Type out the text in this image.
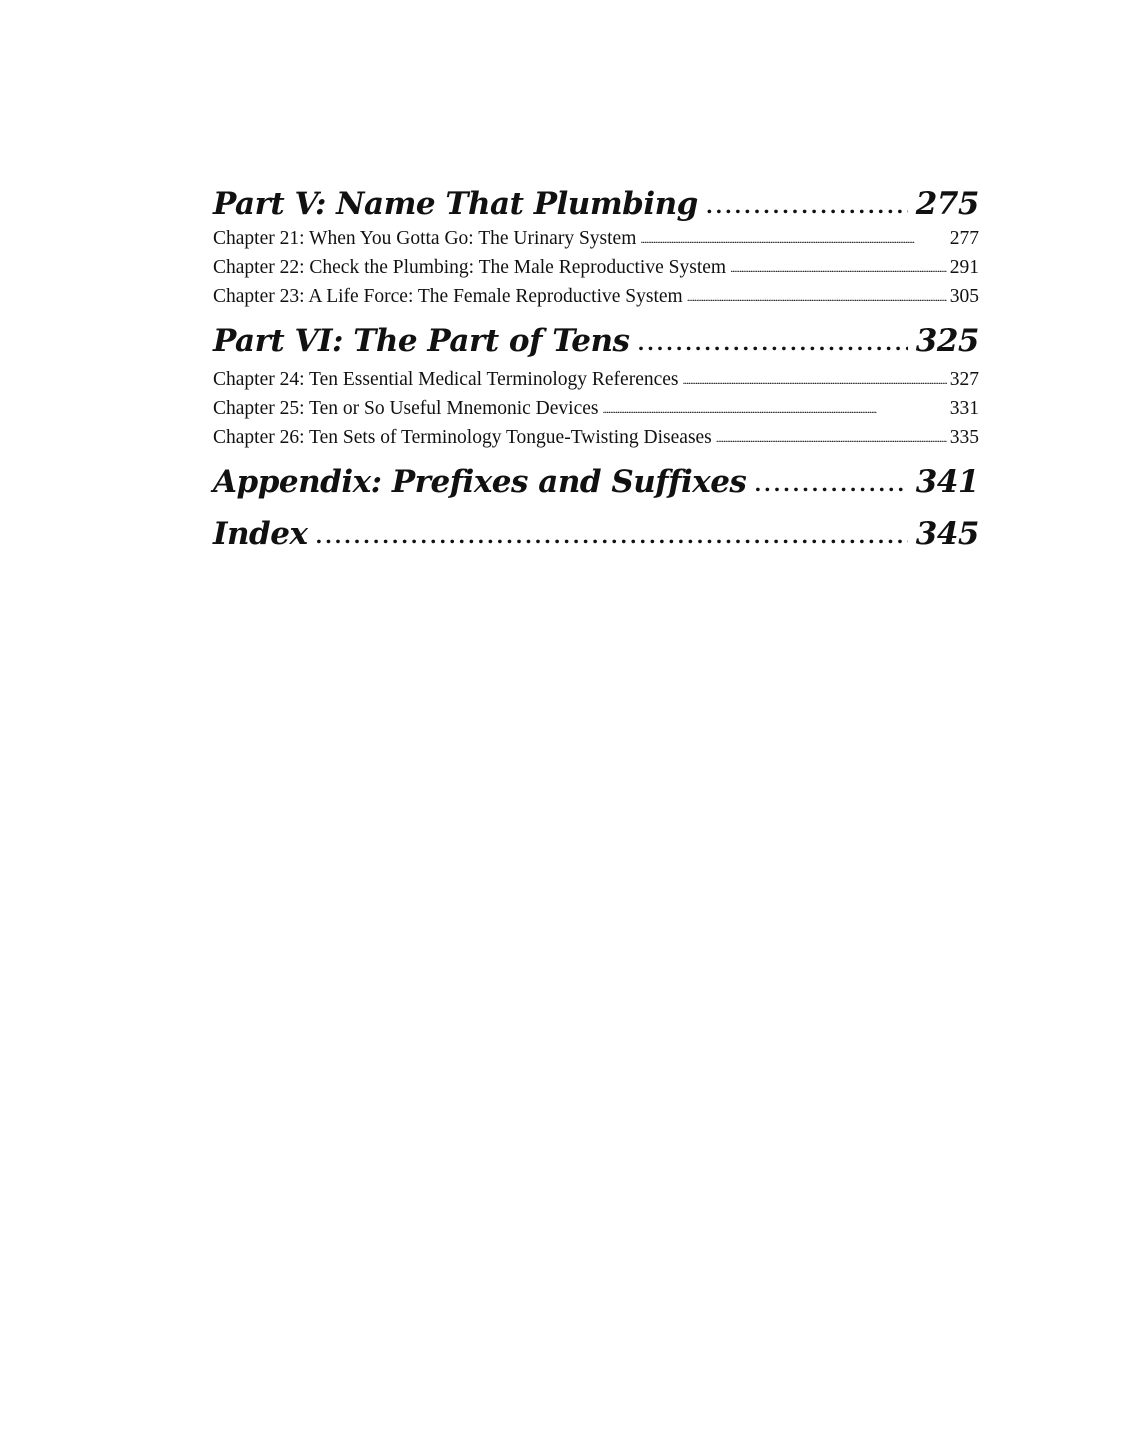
Part V: Name That Plumbing . . .	275
Chapter 21: When You Gotta Go: The Urinary System . . .	277
Chapter 22: Check the Plumbing: The Male Reproductive System . . .	291
Chapter 23: A Life Force: The Female Reproductive System . . .	305
Part VI: The Part of Tens . . .	325
Chapter 24: Ten Essential Medical Terminology References . . .	327
Chapter 25: Ten or So Useful Mnemonic Devices . . .	331
Chapter 26: Ten Sets of Terminology Tongue-Twisting Diseases . . .	335
Appendix: Prefixes and Suffixes . . .	341
Index . . .	345
